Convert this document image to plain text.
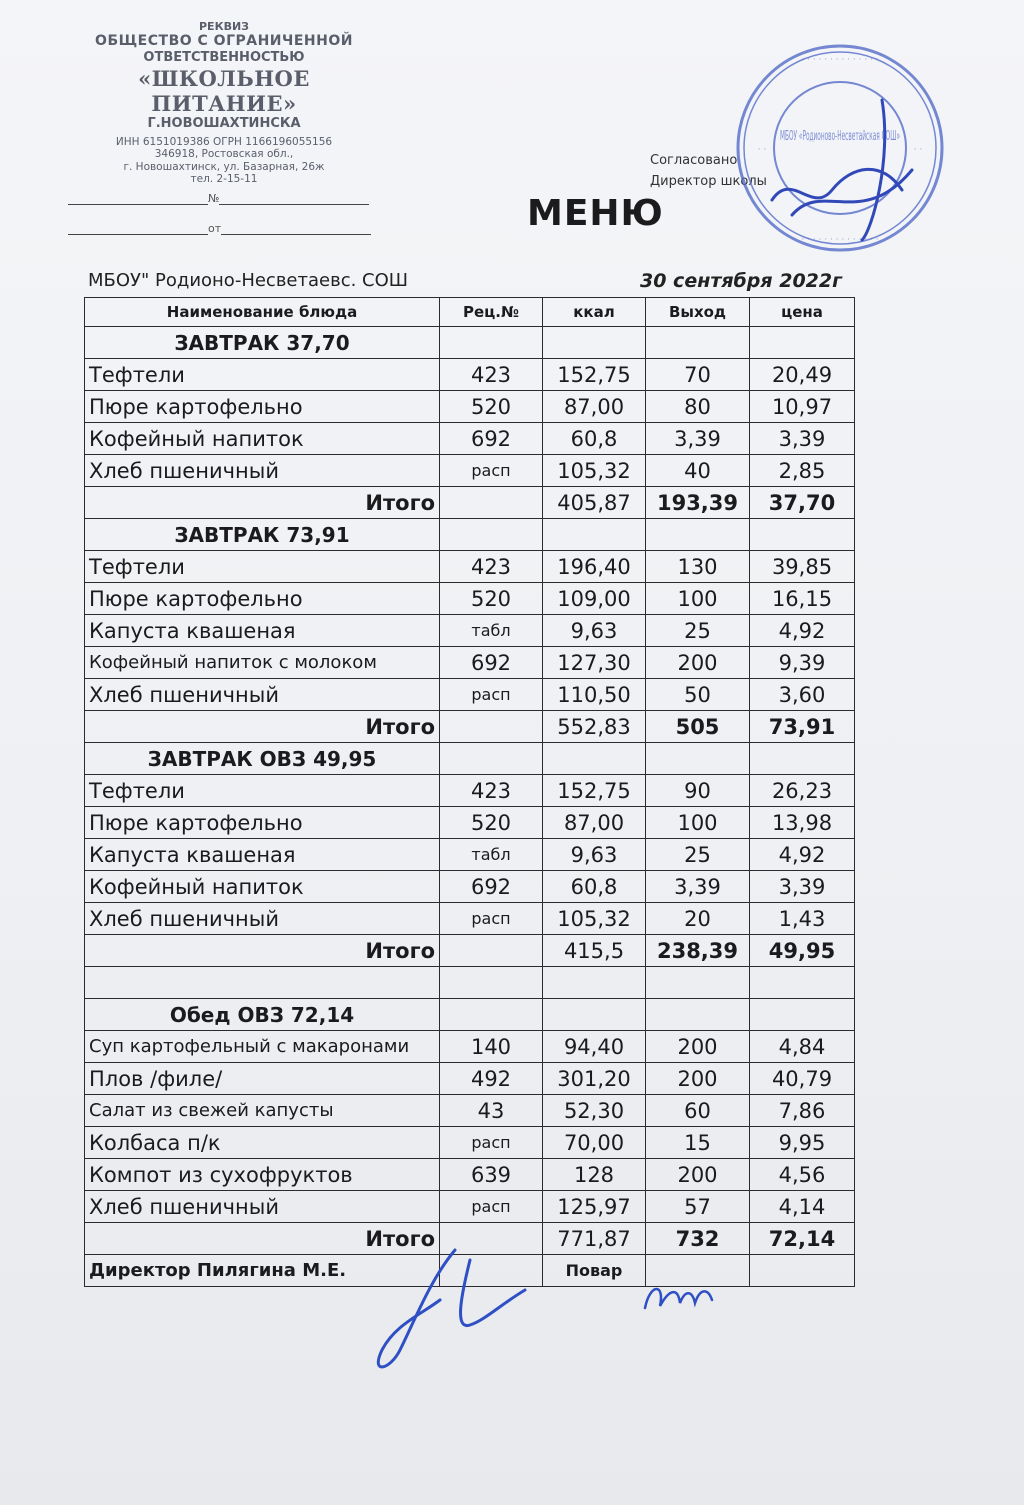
РЕКВИЗ
ОБЩЕСТВО С ОГРАНИЧЕННОЙ
ОТВЕТСТВЕННОСТЬЮ
«ШКОЛЬНОЕ ПИТАНИЕ»
Г.НОВОШАХТИНСКА
ИНН 6151019386 ОГРН 1166196055156
346918, Ростовская обл.,
г. Новошахтинск, ул. Базарная, 26ж
тел. 2-15-11
№
от
Согласовано
Директор школы
· · · · · · · · · · · · · ·
· · · · · · · · · · · · · ·
· ·	· ·
МБОУ «Родионово-Несветайская СОШ»
МЕНЮ
МБОУ" Родионо-Несветаевс. СОШ	30 сентября 2022г
Наименование блюда	Рец.№	ккал	Выход	цена
ЗАВТРАК 37,70				
Тефтели	423	152,75	70	20,49
Пюре картофельно	520	87,00	80	10,97
Кофейный напиток	692	60,8	3,39	3,39
Хлеб пшеничный	расп	105,32	40	2,85
Итого		405,87	193,39	37,70
ЗАВТРАК 73,91				
Тефтели	423	196,40	130	39,85
Пюре картофельно	520	109,00	100	16,15
Капуста квашеная	табл	9,63	25	4,92
Кофейный напиток с молоком	692	127,30	200	9,39
Хлеб пшеничный	расп	110,50	50	3,60
Итого		552,83	505	73,91
ЗАВТРАК ОВЗ 49,95				
Тефтели	423	152,75	90	26,23
Пюре картофельно	520	87,00	100	13,98
Капуста квашеная	табл	9,63	25	4,92
Кофейный напиток	692	60,8	3,39	3,39
Хлеб пшеничный	расп	105,32	20	1,43
Итого		415,5	238,39	49,95

Обед ОВЗ 72,14				
Суп картофельный с макаронами	140	94,40	200	4,84
Плов /филе/	492	301,20	200	40,79
Салат из свежей капусты	43	52,30	60	7,86
Колбаса п/к	расп	70,00	15	9,95
Компот из сухофруктов	639	128	200	4,56
Хлеб пшеничный	расп	125,97	57	4,14
Итого		771,87	732	72,14
Директор Пилягина М.Е.		Повар		
